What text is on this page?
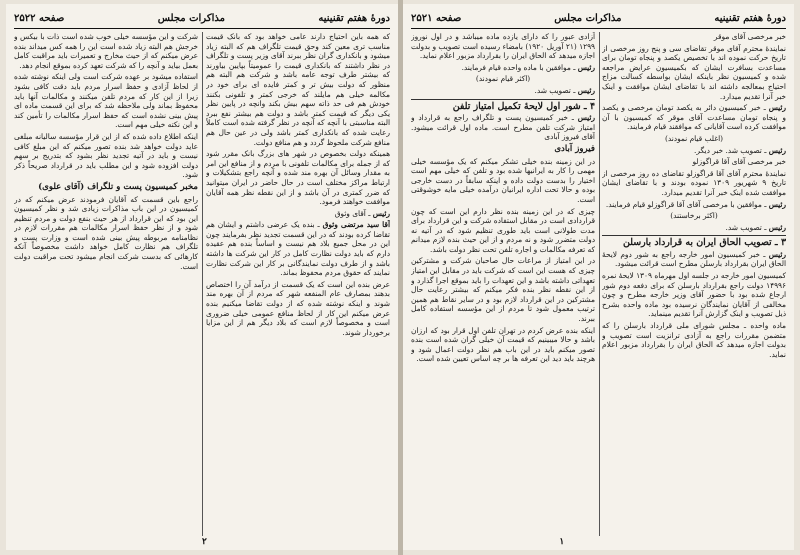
دورهٔ هفتم تقنینیه
مذاکرات مجلس
صفحه ۲۵۲۲

که همه باین احتیاج دارند عامی خواهد بود که بانک قیمت مناسب تری معین کند وحق قیمت تلگراف هم که البته زیاد میشود و بانکداری گران نظر ببرند آقای وزیر پست و تلگراف در نظر داشتند که بانکداری قیمت را عمومیتاً بپایین بیاورند که بیشتر طرف توجه عامه باشد و شرکت هم البته هم منظور که دولت بیش تر و کمتر فایده ای برای خود در مکالمه خیلی هم مایلند که خرجی کمتر و تلفونی بکنند خودش هم فی حد ذاته سهم بیش بکند وانچه در پایین نظر یکی دیگر که قیمت کمتر باشد و دولت هم بیشتر نفع ببرد البته مناسبتی با آنچه که آنچه در نظر گرفته شده است کاملاً رعایت شده که بانکداری کمتر باشد ولی در عین حال هم منافع شرکت ملحوظ گردد و هم منافع دولت.

همینکه دولت بخصوص در شهر های بزرگ بانک مقرر شود که از جمله برای مکالمات تلفونی با مردم و از منافع این امر به مقدار وسائل آن بهره مند شده و آنچه راجع بتشکیلات و ارتباط مراکز مختلف است در حال حاضر در ایران میتوانید که ضرر کمتری در آن باشد و از این نقطه نظر همه آقایان موافقت خواهند فرمود.

رئیس ـ آقای وثوق

آقا سید مرتضی وثوق ـ بنده یک عرضی داشتم و ایشان هم تقاضا کرده بودند که در این قسمت تجدید نظر بفرمایند چون این در محل جمیع بلاد هم نیست و اساساً بنده هم عقیده دارم که باید دولت نظارت کامل در کار این شرکت ها داشته باشد و از طرف دولت نمایندگانی بر کار این شرکت نظارت نمایند که حقوق مردم محفوظ بماند.

عرض بنده این است که یک قسمت از درآمد آن را اختصاص بدهند بمصارف عام المنفعه شهر که مردم از آن بهره مند شوند و اینکه نوشته شده که از دولت تقاضا میکنیم بنده عرض میکنم این کار از لحاظ منافع عمومی خیلی ضروری است و مخصوصاً لازم است که بلاد دیگر هم از این مزایا برخوردار شوند.

شرکت و این مؤسسه خیلی خوب شده است ذات با بیکس و خرجش هم البته زیاد شده است این را همه کس میداند بنده عرض میکنم که از حیث مخارج و تعمیرات باید مراقبت کامل بعمل بیاید و آنچه را که شرکت تعهد کرده بموقع انجام دهد.

استفاده میشود بر عهده شرکت است ولی اینکه نوشته شده از لحاظ آزادی و حفظ اسرار مردم باید دقت کافی بشود زیرا از این کار که مردم تلفن میکنند و مکالمات آنها باید محفوظ بماند ولی ملاحظه شد که برای این قسمت ماده ای پیش بینی نشده است که حفظ اسرار مکالمات را تأمین کند و این نکته خیلی مهم است.

اینکه اطلاع داده شده که از این قرار مؤسسه سالیانه مبلغی عاید دولت خواهد شد بنده تصور میکنم که این مبلغ کافی نیست و باید در آتیه تجدید نظر بشود که بتدریج بر سهم دولت افزوده شود و این مطلب باید در قرارداد صریحاً ذکر شود.

مخبر کمیسیون پست و تلگراف (آقای علوی)

راجع باین قسمت که آقایان فرمودند عرض میکنم که در کمیسیون در این باب مذاکرات زیادی شد و نظر کمیسیون این بود که این قرارداد از هر حیث بنفع دولت و مردم تنظیم شود و از نظر حفظ اسرار مکالمات هم مقررات لازم در نظامنامه مربوطه پیش بینی شده است و وزارت پست و تلگراف هم نظارت کامل خواهد داشت مخصوصاً آنکه کارهائی که بدست شرکت انجام میشود تحت مراقبت دولت است.

۲
دورهٔ هفتم تقنینیه
مذاکرات مجلس
صفحه ۲۵۲۱

خبر مرخصی آقای موقر

نمایندهٔ محترم آقای موقر تقاضای سی و پنج روز مرخصی از تاریخ حرکت نموده اند با تخصیص یکصد و پنجاه تومان برای مساعدت بسافرت ایشان که بکمیسیون عرایض مراجعه شده و کمیسیون نظر باینکه ایشان بواسطه کسالت مزاج احتیاج بمعالجه داشته اند با تقاضای ایشان موافقت و اینک خبر آنرا تقدیم میدارد.

رئیس ـ خبر کمیسیون دائر به یکصد تومان مرخصی و یکصد و پنجاه تومان مساعدت آقای موقر که کمیسیون با آن موافقت کرده است آقایانی که موافقند قیام فرمایند.

(اغلب قیام نمودند)

رئیس ـ تصویب شد. خبر دیگر.

خبر مرخصی آقای آقا قراگوزلو

نمایندهٔ محترم آقای آقا قراگوزلو تقاضای ده روز مرخصی از تاریخ ۹ شهریور ۱۳۰۹ نموده بودند و با تقاضای ایشان موافقت شده اینک خبر آنرا تقدیم میدارد.

رئیس ـ موافقین با مرخصی آقای آقا قراگوزلو قیام فرمایند.

(اکثر برخاستند)

رئیس ـ تصویب شد.

۳ ـ تصویب الحاق ایران به قرارداد بارسلن

رئیس ـ خبر کمیسیون امور خارجه راجع به شور دوم لایحهٔ الحاق ایران بقرارداد بارسلن مطرح است قرائت میشود.

کمیسیون امور خارجه در جلسه اول مهرماه ۱۳۰۹ لایحهٔ نمره ۱۴۹۹۶ دولت راجع بقرارداد بارسلن که برای دفعه دوم شور ارجاع شده بود با حضور آقای وزیر خارجه مطرح و چون مخالفی از آقایان نمایندگان نرسیده بود ماده واحده بشرح ذیل تصویب و اینک گزارش آنرا تقدیم مینماید.

ماده واحده ـ مجلس شورای ملی قرارداد بارسلن را که متضمن مقررات راجع به آزادی ترانزیت است تصویب و بدولت اجازه میدهد که الحاق ایران را بقرارداد مزبور اعلام نماید.

آزادی عبور را که دارای یازده ماده میباشد و در اول نوروز ۱۲۹۹ (۲۱ آوریل ۱۹۲۰) بامضاء رسیده است تصویب و بدولت اجازه میدهد که الحاق ایران را بقرارداد مزبور اعلام نماید.

رئیس ـ موافقین با ماده واحده قیام فرمایند.

(اکثر قیام نمودند)

رئیس ـ تصویب شد.

۴ ـ شور اول لایحهٔ تکمیل امتیاز تلفن

رئیس ـ خبر کمیسیون پست و تلگراف راجع به قرارداد و امتیاز شرکت تلفن مطرح است. ماده اول قرائت میشود. آقای فیروز آبادی

فیروز آبادی

در این زمینه بنده خیلی تشکر میکنم که یک مؤسسه خیلی مهمی را کار به ایرانیها شده بود و تلفن که خیلی مهم است اختیار را بدست دولت داده و اینکه سابقاً در دست خارجی بوده و حالا تحت اداره ایرانیان درآمده خیلی مایه خوشوقتی است.

چیزی که در این زمینه بنده نظر دارم این است که چون قراردادی است در مقابل استفاده شرکت و این قرارداد برای مدت طولانی است باید طوری تنظیم شود که در آتیه نه دولت متضرر شود و نه مردم و از این حیث بنده لازم میدانم که تعرفه مکالمات و اجاره تلفن تحت نظر دولت باشد.

در این امتیاز از مراعات حال صاحبان شرکت و مشترکین چیزی که هست این است که شرکت باید در مقابل این امتیاز تعهداتی داشته باشد و این تعهدات را باید بموقع اجرا گذارد و از این نقطه نظر بنده فکر میکنم که بیشتر رعایت حال مشترکین در این قرارداد لازم بود و در سایر نقاط هم همین ترتیب معمول شود تا مردم از این مؤسسه استفاده کامل ببرند.

اینکه بنده عرض کردم در تهران تلفن اول قرار بود که ارزان باشد و حالا میبینیم که قیمت آن خیلی گران شده است بنده تصور میکنم باید در این باب هم نظر دولت اعمال شود و هرچند باید دید این تعرفه ها بر چه اساس تعیین شده است.

۱
